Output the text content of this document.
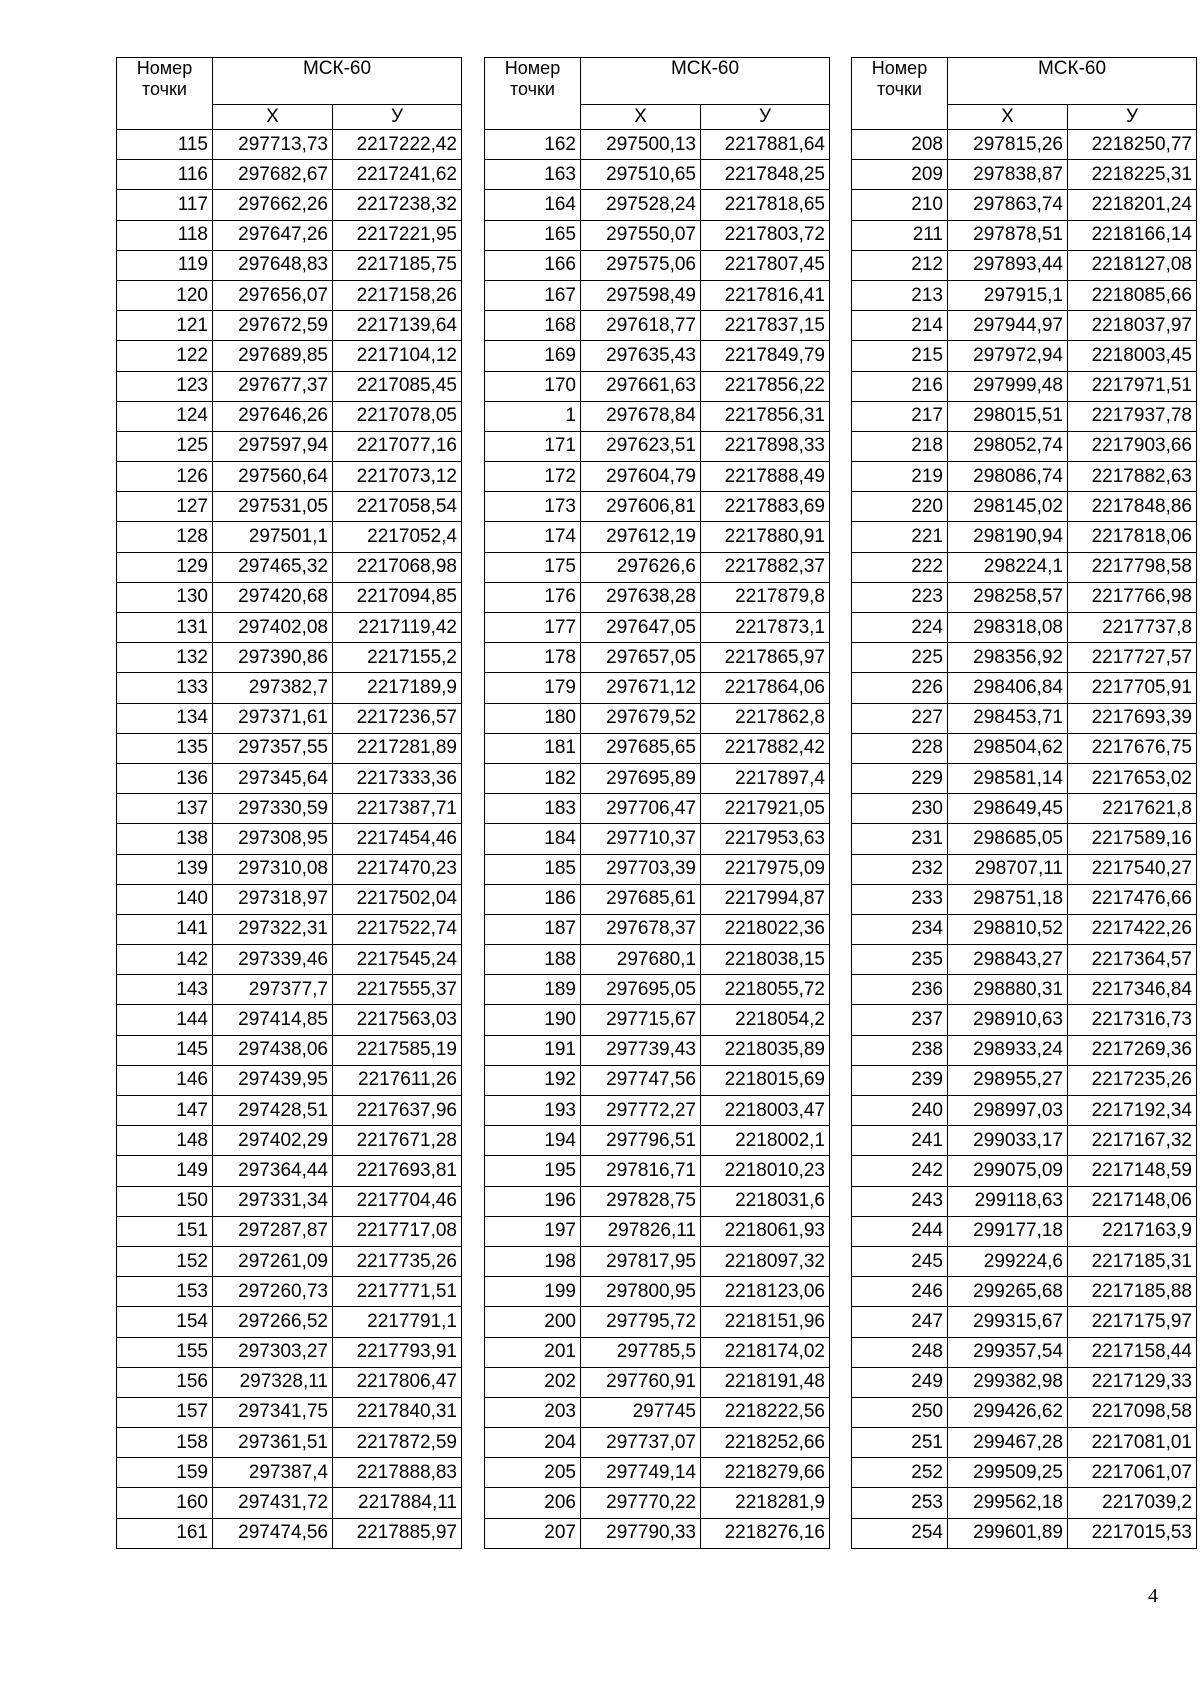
Номер
точки	МСК-60	
	Х	У
115	297713,73	2217222,42
116	297682,67	2217241,62
117	297662,26	2217238,32
118	297647,26	2217221,95
119	297648,83	2217185,75
120	297656,07	2217158,26
121	297672,59	2217139,64
122	297689,85	2217104,12
123	297677,37	2217085,45
124	297646,26	2217078,05
125	297597,94	2217077,16
126	297560,64	2217073,12
127	297531,05	2217058,54
128	297501,1	2217052,4
129	297465,32	2217068,98
130	297420,68	2217094,85
131	297402,08	2217119,42
132	297390,86	2217155,2
133	297382,7	2217189,9
134	297371,61	2217236,57
135	297357,55	2217281,89
136	297345,64	2217333,36
137	297330,59	2217387,71
138	297308,95	2217454,46
139	297310,08	2217470,23
140	297318,97	2217502,04
141	297322,31	2217522,74
142	297339,46	2217545,24
143	297377,7	2217555,37
144	297414,85	2217563,03
145	297438,06	2217585,19
146	297439,95	2217611,26
147	297428,51	2217637,96
148	297402,29	2217671,28
149	297364,44	2217693,81
150	297331,34	2217704,46
151	297287,87	2217717,08
152	297261,09	2217735,26
153	297260,73	2217771,51
154	297266,52	2217791,1
155	297303,27	2217793,91
156	297328,11	2217806,47
157	297341,75	2217840,31
158	297361,51	2217872,59
159	297387,4	2217888,83
160	297431,72	2217884,11
161	297474,56	2217885,97
Номер
точки	МСК-60	
	Х	У
162	297500,13	2217881,64
163	297510,65	2217848,25
164	297528,24	2217818,65
165	297550,07	2217803,72
166	297575,06	2217807,45
167	297598,49	2217816,41
168	297618,77	2217837,15
169	297635,43	2217849,79
170	297661,63	2217856,22
1	297678,84	2217856,31
171	297623,51	2217898,33
172	297604,79	2217888,49
173	297606,81	2217883,69
174	297612,19	2217880,91
175	297626,6	2217882,37
176	297638,28	2217879,8
177	297647,05	2217873,1
178	297657,05	2217865,97
179	297671,12	2217864,06
180	297679,52	2217862,8
181	297685,65	2217882,42
182	297695,89	2217897,4
183	297706,47	2217921,05
184	297710,37	2217953,63
185	297703,39	2217975,09
186	297685,61	2217994,87
187	297678,37	2218022,36
188	297680,1	2218038,15
189	297695,05	2218055,72
190	297715,67	2218054,2
191	297739,43	2218035,89
192	297747,56	2218015,69
193	297772,27	2218003,47
194	297796,51	2218002,1
195	297816,71	2218010,23
196	297828,75	2218031,6
197	297826,11	2218061,93
198	297817,95	2218097,32
199	297800,95	2218123,06
200	297795,72	2218151,96
201	297785,5	2218174,02
202	297760,91	2218191,48
203	297745	2218222,56
204	297737,07	2218252,66
205	297749,14	2218279,66
206	297770,22	2218281,9
207	297790,33	2218276,16
Номер
точки	МСК-60	
	Х	У
208	297815,26	2218250,77
209	297838,87	2218225,31
210	297863,74	2218201,24
211	297878,51	2218166,14
212	297893,44	2218127,08
213	297915,1	2218085,66
214	297944,97	2218037,97
215	297972,94	2218003,45
216	297999,48	2217971,51
217	298015,51	2217937,78
218	298052,74	2217903,66
219	298086,74	2217882,63
220	298145,02	2217848,86
221	298190,94	2217818,06
222	298224,1	2217798,58
223	298258,57	2217766,98
224	298318,08	2217737,8
225	298356,92	2217727,57
226	298406,84	2217705,91
227	298453,71	2217693,39
228	298504,62	2217676,75
229	298581,14	2217653,02
230	298649,45	2217621,8
231	298685,05	2217589,16
232	298707,11	2217540,27
233	298751,18	2217476,66
234	298810,52	2217422,26
235	298843,27	2217364,57
236	298880,31	2217346,84
237	298910,63	2217316,73
238	298933,24	2217269,36
239	298955,27	2217235,26
240	298997,03	2217192,34
241	299033,17	2217167,32
242	299075,09	2217148,59
243	299118,63	2217148,06
244	299177,18	2217163,9
245	299224,6	2217185,31
246	299265,68	2217185,88
247	299315,67	2217175,97
248	299357,54	2217158,44
249	299382,98	2217129,33
250	299426,62	2217098,58
251	299467,28	2217081,01
252	299509,25	2217061,07
253	299562,18	2217039,2
254	299601,89	2217015,53
4
